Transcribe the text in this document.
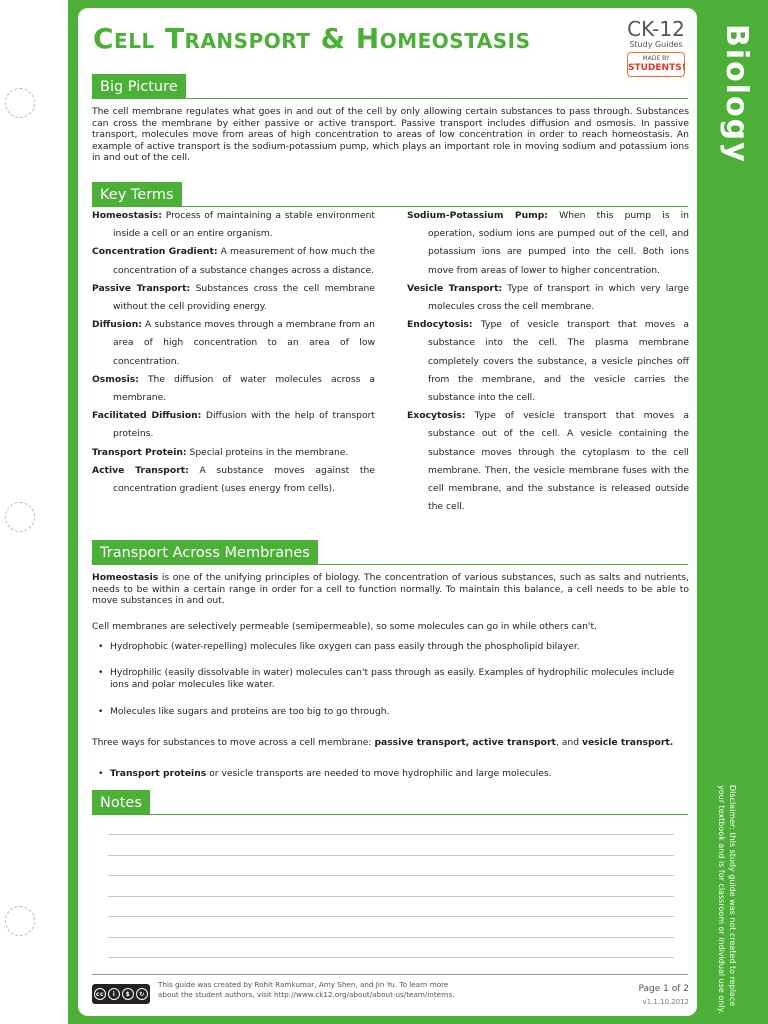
Biology
Cell Transport & Homeostasis	CK-12
Study Guides
MADE BY
STUDENTS!
Big Picture
The cell membrane regulates what goes in and out of the cell by only allowing certain substances to pass through. Substances can cross the membrane by either passive or active transport. Passive transport includes diffusion and osmosis. In passive transport, molecules move from areas of high concentration to areas of low concentration in order to reach homeostasis. An example of active transport is the sodium-potassium pump, which plays an important role in moving sodium and potassium ions in and out of the cell.
Key Terms
Homeostasis: Process of maintaining a stable environment inside a cell or an entire organism.
Concentration Gradient: A measurement of how much the concentration of a substance changes across a distance.
Passive Transport: Substances cross the cell membrane without the cell providing energy.
Diffusion: A substance moves through a membrane from an area of high concentration to an area of low concentration.
Osmosis: The diffusion of water molecules across a membrane.
Facilitated Diffusion: Diffusion with the help of transport proteins.
Transport Protein: Special proteins in the membrane.
Active Transport: A substance moves against the concentration gradient (uses energy from cells).
Sodium-Potassium Pump: When this pump is in operation, sodium ions are pumped out of the cell, and potassium ions are pumped into the cell. Both ions move from areas of lower to higher concentration.
Vesicle Transport: Type of transport in which very large molecules cross the cell membrane.
Endocytosis: Type of vesicle transport that moves a substance into the cell. The plasma membrane completely covers the substance, a vesicle pinches off from the membrane, and the vesicle carries the substance into the cell.
Exocytosis: Type of vesicle transport that moves a substance out of the cell. A vesicle containing the substance moves through the cytoplasm to the cell membrane. Then, the vesicle membrane fuses with the cell membrane, and the substance is released outside the cell.
Transport Across Membranes
Homeostasis is one of the unifying principles of biology. The concentration of various substances, such as salts and nutrients, needs to be within a certain range in order for a cell to function normally. To maintain this balance, a cell needs to be able to move substances in and out.
Cell membranes are selectively permeable (semipermeable), so some molecules can go in while others can't.
• Hydrophobic (water-repelling) molecules like oxygen can pass easily through the phospholipid bilayer.
• Hydrophilic (easily dissolvable in water) molecules can't pass through as easily. Examples of hydrophilic molecules include ions and polar molecules like water.
• Molecules like sugars and proteins are too big to go through.
Three ways for substances to move across a cell membrane: passive transport, active transport, and vesicle transport.
• Transport proteins or vesicle transports are needed to move hydrophilic and large molecules.
Notes
cc	i	$	↻
This guide was created by Rohit Ramkumar, Amy Shen, and Jin Yu. To learn more about the student authors, visit http://www.ck12.org/about/about-us/team/interns.	Page 1 of 2
v1.1.10.2012	Disclaimer: this study guide was not created to replace your textbook and is for classroom or individual use only.
